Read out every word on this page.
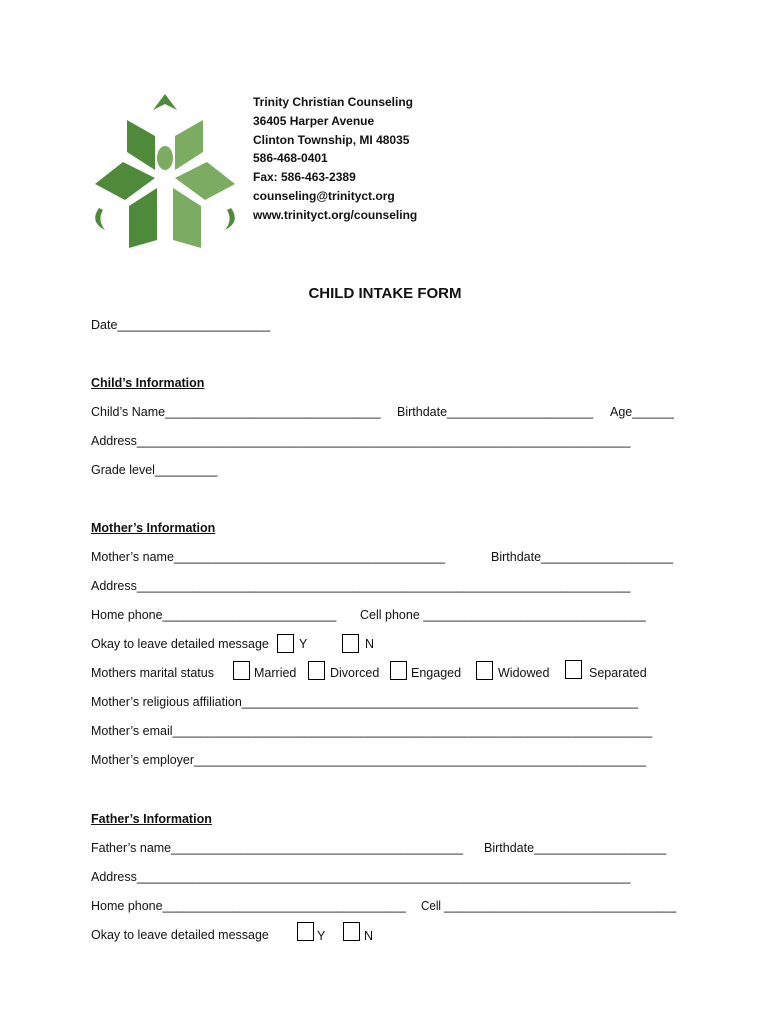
Trinity Christian Counseling
36405 Harper Avenue
Clinton Township, MI 48035
586-468-0401
Fax: 586-463-2389
counseling@trinityct.org
www.trinityct.org/counseling
CHILD INTAKE FORM
Date______________________
Child’s Information
Child’s Name_______________________________ Birthdate_____________________ Age______
Address_______________________________________________________________________
Grade level_________
Mother’s Information
Mother’s name_______________________________________	Birthdate___________________
Address_______________________________________________________________________
Home phone_________________________ Cell phone ________________________________
Okay to leave detailed message Y	N
Mothers marital status	Married	Divorced	Engaged	Widowed	Separated
Mother’s religious affiliation_________________________________________________________
Mother’s email_____________________________________________________________________
Mother’s employer_________________________________________________________________
Father’s Information
Father’s name__________________________________________ Birthdate___________________
Address_______________________________________________________________________
Home phone___________________________________ Cell ____________________________________
Okay to leave detailed message	Y	N
